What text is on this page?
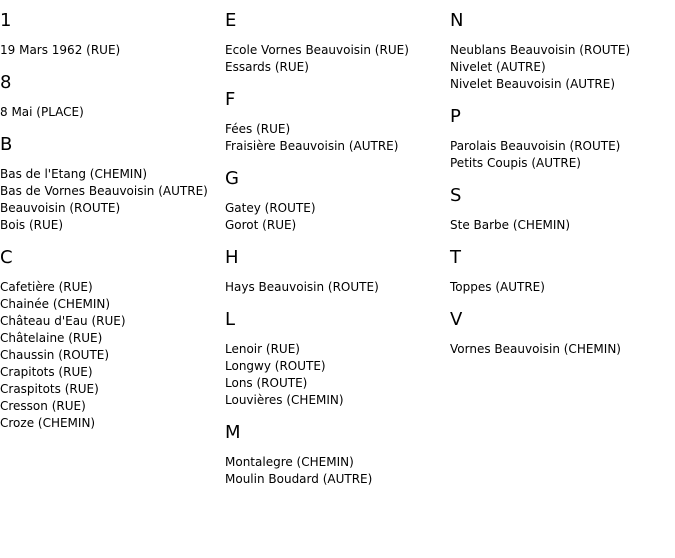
1
19 Mars 1962 (RUE)
8
8 Mai (PLACE)
B
Bas de l'Etang (CHEMIN)
Bas de Vornes Beauvoisin (AUTRE)
Beauvoisin (ROUTE)
Bois (RUE)
C
Cafetière (RUE)
Chainée (CHEMIN)
Château d'Eau (RUE)
Châtelaine (RUE)
Chaussin (ROUTE)
Crapitots (RUE)
Craspitots (RUE)
Cresson (RUE)
Croze (CHEMIN)
E
Ecole Vornes Beauvoisin (RUE)
Essards (RUE)
F
Fées (RUE)
Fraisière Beauvoisin (AUTRE)
G
Gatey (ROUTE)
Gorot (RUE)
H
Hays Beauvoisin (ROUTE)
L
Lenoir (RUE)
Longwy (ROUTE)
Lons (ROUTE)
Louvières (CHEMIN)
M
Montalegre (CHEMIN)
Moulin Boudard (AUTRE)
N
Neublans Beauvoisin (ROUTE)
Nivelet (AUTRE)
Nivelet Beauvoisin (AUTRE)
P
Parolais Beauvoisin (ROUTE)
Petits Coupis (AUTRE)
S
Ste Barbe (CHEMIN)
T
Toppes (AUTRE)
V
Vornes Beauvoisin (CHEMIN)
